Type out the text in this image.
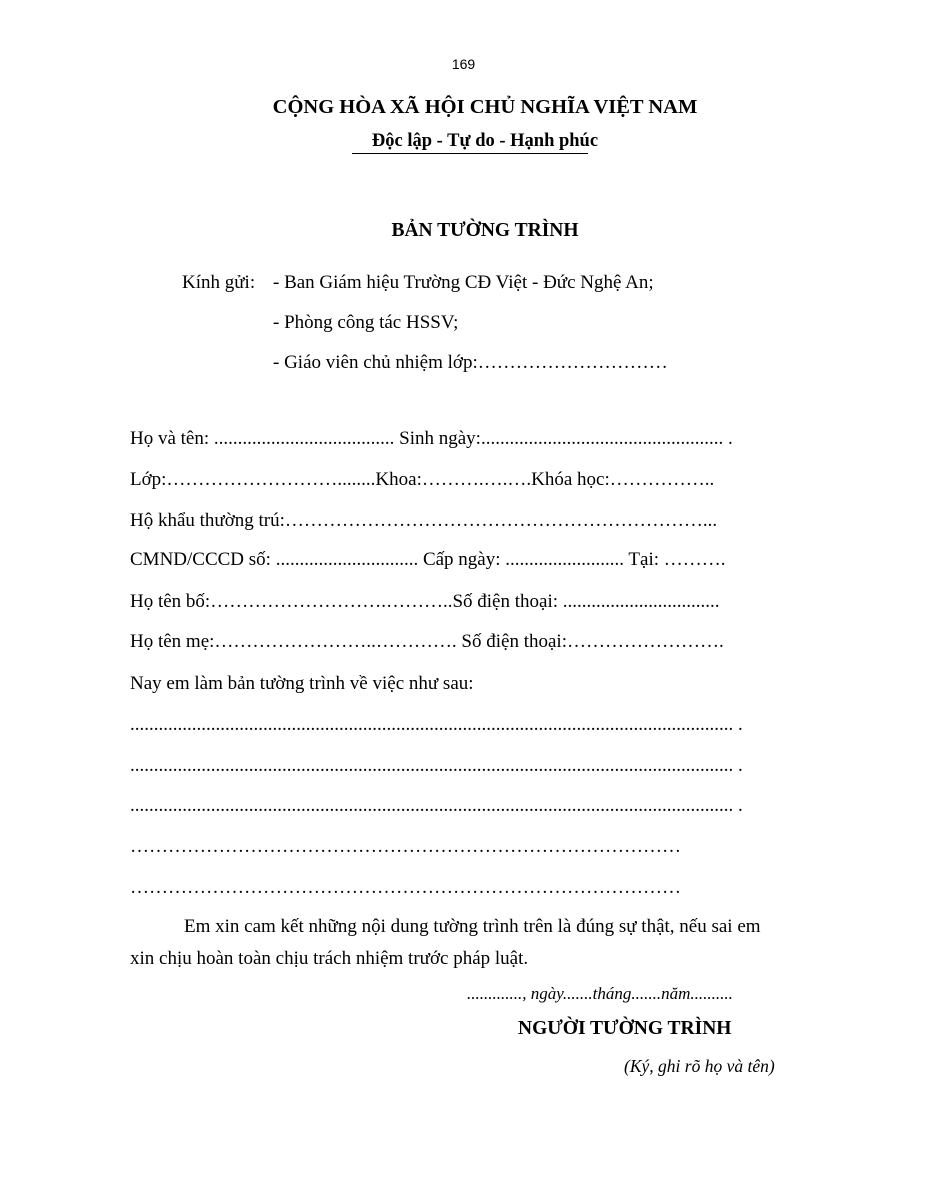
169
CỘNG HÒA XÃ HỘI CHỦ NGHĨA VIỆT NAM
Độc lập - Tự do - Hạnh phúc
BẢN TƯỜNG TRÌNH
Kính gửi: - Ban Giám hiệu Trường CĐ Việt - Đức Nghệ An;
- Phòng công tác HSSV;
- Giáo viên chủ nhiệm lớp:…………………………
Họ và tên: ...................................... Sinh ngày:................................................... .
Lớp:………………………........Khoa:……….….….Khóa học:……………..
Hộ khẩu thường trú:…………………………………………………………...
CMND/CCCD số: .............................. Cấp ngày: ......................... Tại: ……….
Họ tên bố:……………………….………..Số điện thoại: .................................
Họ tên mẹ:……………………..…………. Số điện thoại:…………………….
Nay em làm bản tường trình về việc như sau:
............................................................................................................................... .
............................................................................................................................... .
............................................................................................................................... .
……………………………………………………………………………
……………………………………………………………………………
Em xin cam kết những nội dung tường trình trên là đúng sự thật, nếu sai em
xin chịu hoàn toàn chịu trách nhiệm trước pháp luật.
............., ngày.......tháng.......năm..........
NGƯỜI TƯỜNG TRÌNH
(Ký, ghi rõ họ và tên)
